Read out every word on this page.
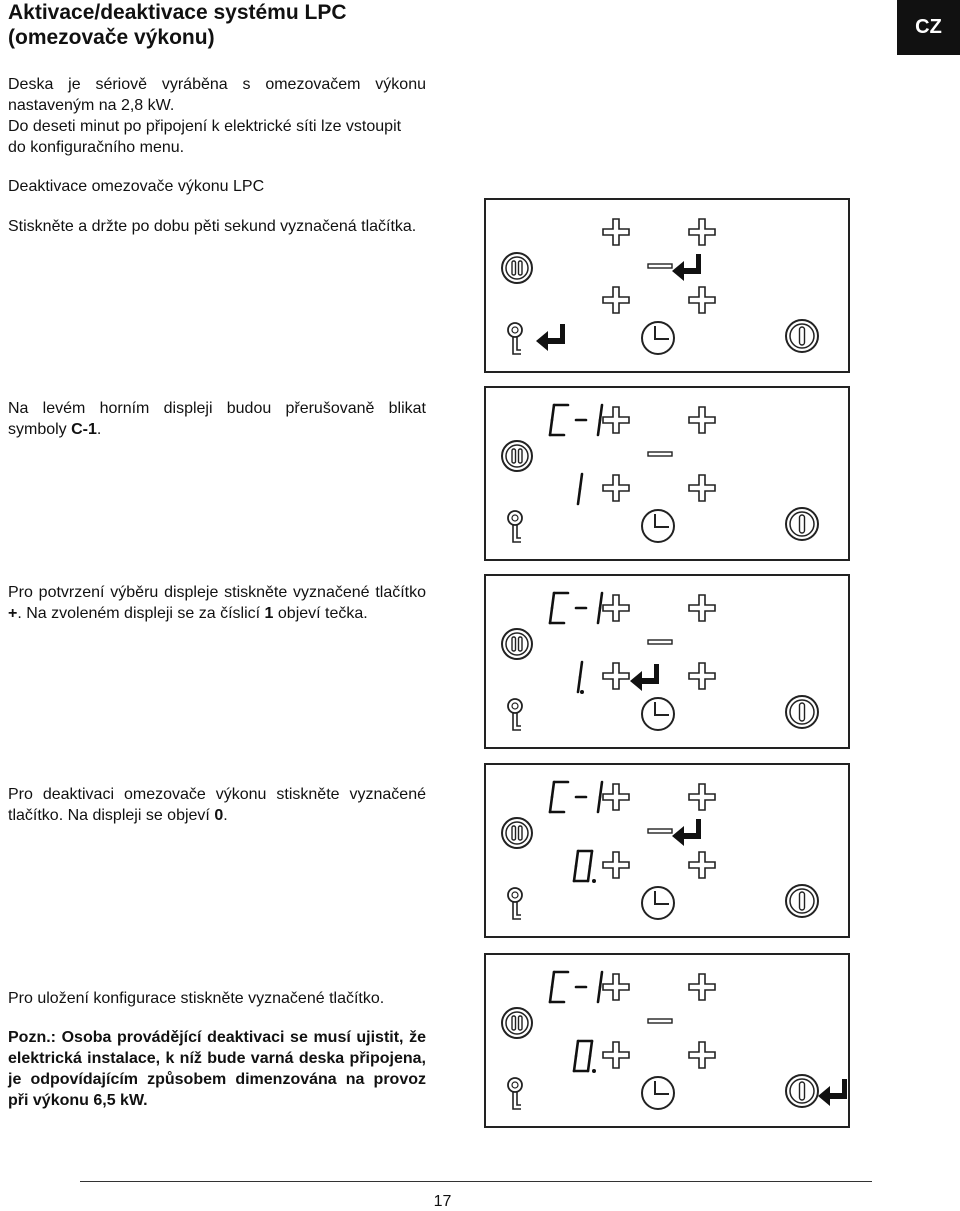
Aktivace/deaktivace systému LPC
(omezovače výkonu)	CZ
Deska je sériově vyráběna s omezovačem výkonu
nastaveným na 2,8 kW.
Do deseti minut po připojení k elektrické síti lze vstoupit
do konfiguračního menu.
Deaktivace omezovače výkonu LPC
Stiskněte a držte po dobu pěti sekund vyznačená tlačítka.
Na levém horním displeji budou přerušovaně blikat symboly C-1.
Pro potvrzení výběru displeje stiskněte vyznačené tlačítko +. Na zvoleném displeji se za číslicí 1 objeví tečka.
Pro deaktivaci omezovače výkonu stiskněte vyznačené tlačítko. Na displeji se objeví 0.
Pro uložení konfigurace stiskněte vyznačené tlačítko.
Pozn.: Osoba provádějící deaktivaci se musí ujistit, že elektrická instalace, k níž bude varná deska připojena, je odpovídajícím způsobem dimenzována na provoz při výkonu 6,5 kW.
17
